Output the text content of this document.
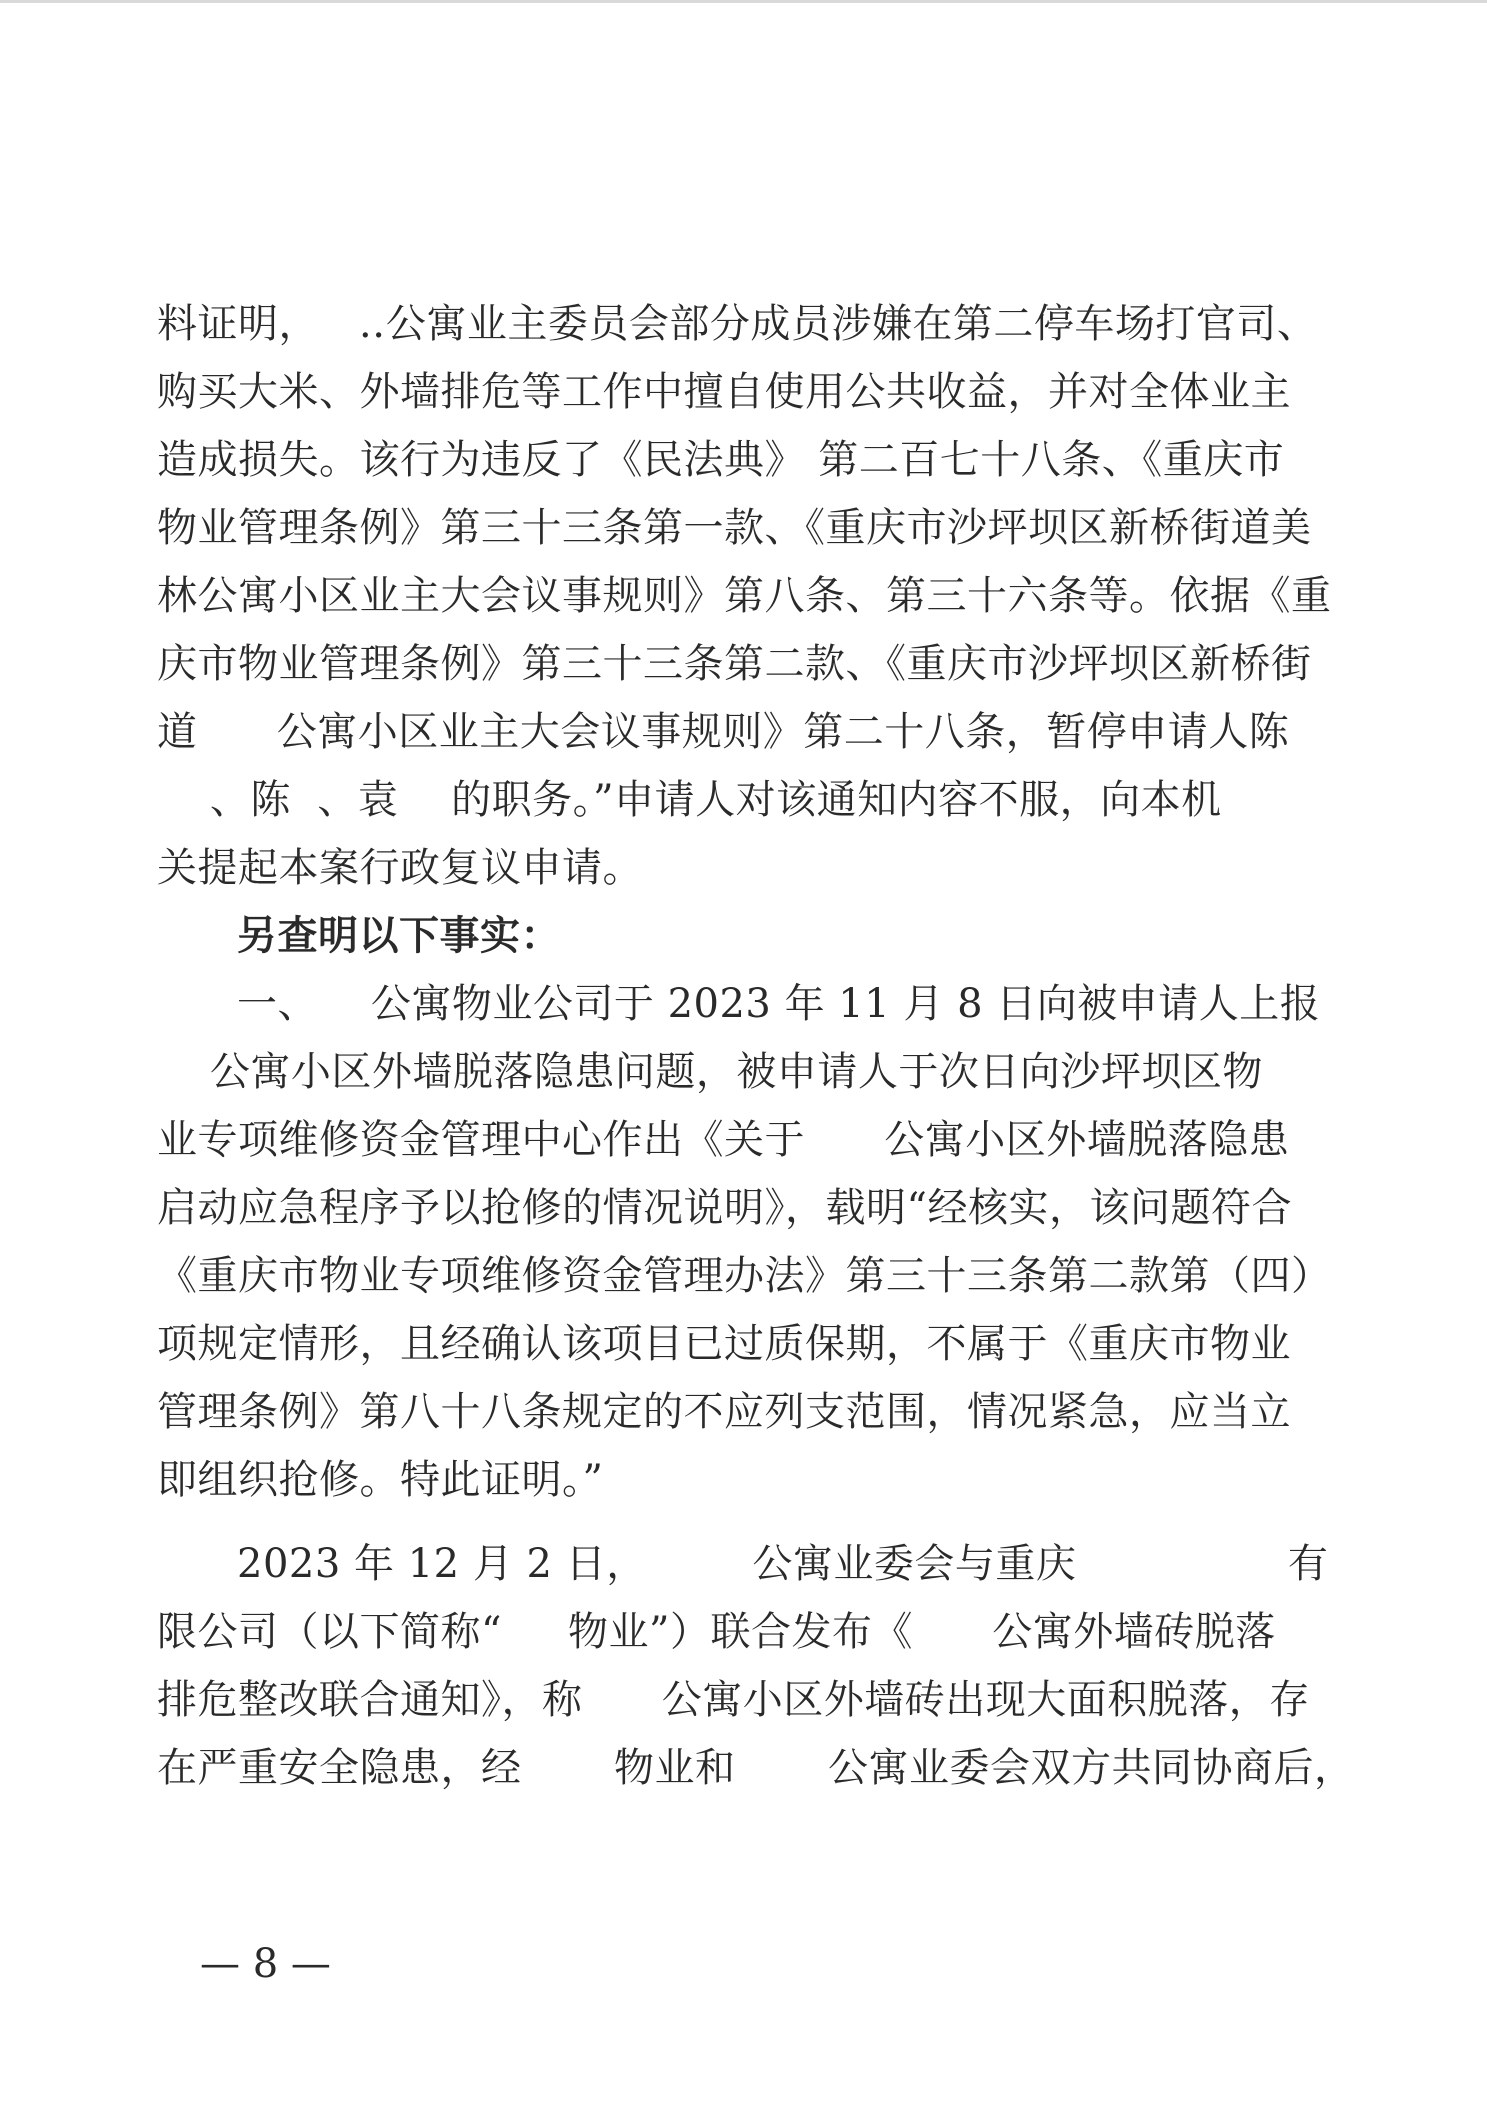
料证明，   ‥公寓业主委员会部分成员涉嫌在第二停车场打官司、
购买大米、外墙排危等工作中擅自使用公共收益，并对全体业主
造成损失。该行为违反了《民法典》 第二百七十八条、《重庆市
物业管理条例》第三十三条第一款、《重庆市沙坪坝区新桥街道美
林公寓小区业主大会议事规则》第八条、第三十六条等。依据《重
庆市物业管理条例》第三十三条第二款、《重庆市沙坪坝区新桥街
道      公寓小区业主大会议事规则》第二十八条，暂停申请人陈
、陈  、袁    的职务。”申请人对该通知内容不服，向本机
关提起本案行政复议申请。
另查明以下事实：
一、    公寓物业公司于 2023 年 11 月 8 日向被申请人上报
公寓小区外墙脱落隐患问题，被申请人于次日向沙坪坝区物
业专项维修资金管理中心作出《关于      公寓小区外墙脱落隐患
启动应急程序予以抢修的情况说明》，载明“经核实，该问题符合
《重庆市物业专项维修资金管理办法》第三十三条第二款第（四）
项规定情形，且经确认该项目已过质保期，不属于《重庆市物业
管理条例》第八十八条规定的不应列支范围，情况紧急，应当立
即组织抢修。特此证明。”
2023 年 12 月 2 日，        公寓业委会与重庆                有
限公司（以下简称“     物业”）联合发布《      公寓外墙砖脱落
排危整改联合通知》，称      公寓小区外墙砖出现大面积脱落，存
在严重安全隐患，经       物业和       公寓业委会双方共同协商后，
— 8 —
